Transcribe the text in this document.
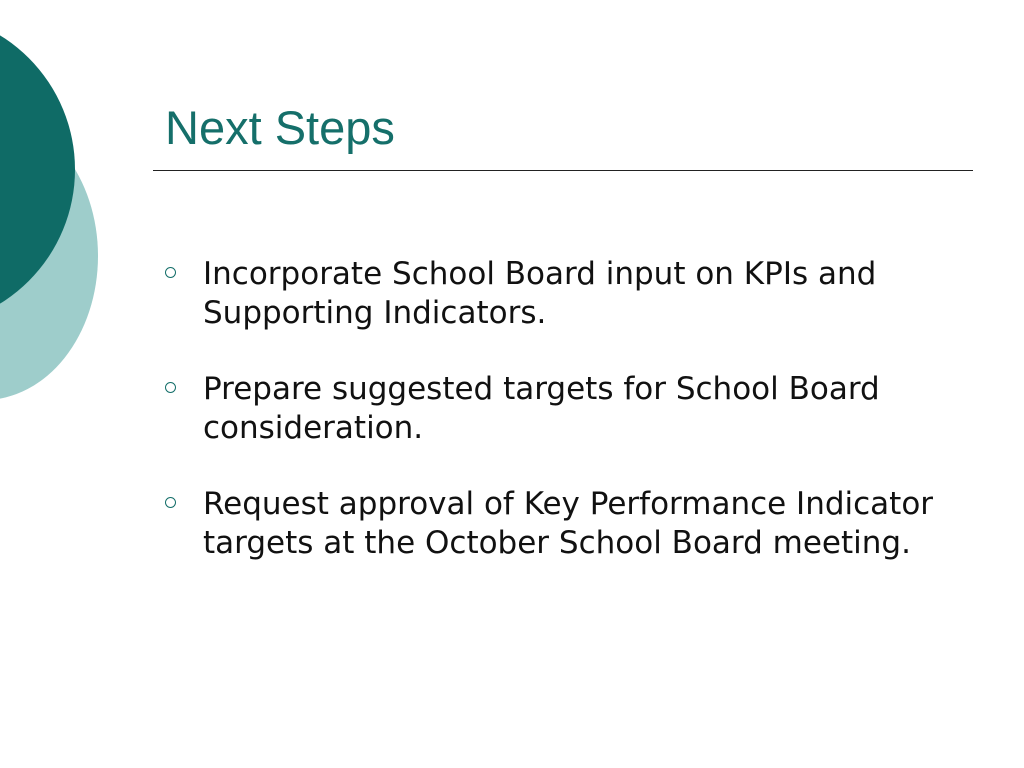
Next Steps
Incorporate School Board input on KPIs and Supporting Indicators.
Prepare suggested targets for School Board consideration.
Request approval of Key Performance Indicator targets at the October School Board meeting.
